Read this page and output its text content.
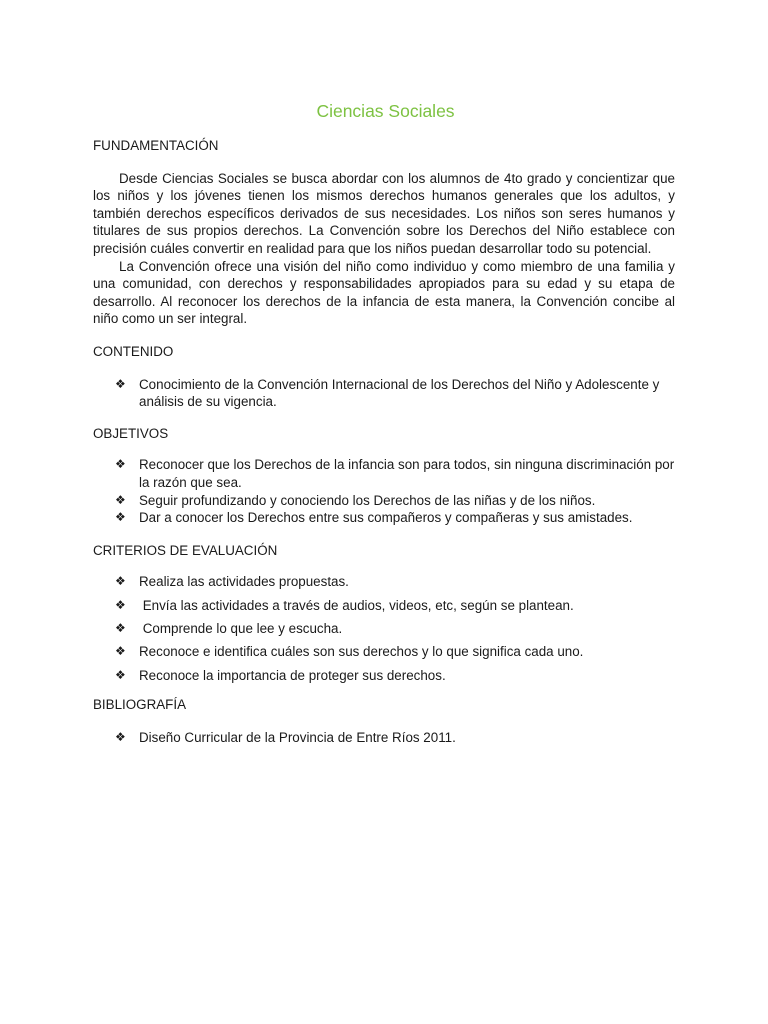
Ciencias Sociales
FUNDAMENTACIÓN

Desde Ciencias Sociales se busca abordar con los alumnos de 4to grado y concientizar que los niños y los jóvenes tienen los mismos derechos humanos generales que los adultos, y también derechos específicos derivados de sus necesidades. Los niños son seres humanos y titulares de sus propios derechos. La Convención sobre los Derechos del Niño establece con precisión cuáles convertir en realidad para que los niños puedan desarrollar todo su potencial.

La Convención ofrece una visión del niño como individuo y como miembro de una familia y una comunidad, con derechos y responsabilidades apropiados para su edad y su etapa de desarrollo. Al reconocer los derechos de la infancia de esta manera, la Convención concibe al niño como un ser integral.

CONTENIDO
❖ Conocimiento de la Convención Internacional de los Derechos del Niño y Adolescente y análisis de su vigencia.
OBJETIVOS
❖ Reconocer que los Derechos de la infancia son para todos, sin ninguna discriminación por la razón que sea.
❖ Seguir profundizando y conociendo los Derechos de las niñas y de los niños.
❖ Dar a conocer los Derechos entre sus compañeros y compañeras y sus amistades.
CRITERIOS DE EVALUACIÓN
❖ Realiza las actividades propuestas.
❖ Envía las actividades a través de audios, videos, etc, según se plantean.
❖ Comprende lo que lee y escucha.
❖ Reconoce e identifica cuáles son sus derechos y lo que significa cada uno.
❖ Reconoce la importancia de proteger sus derechos.
BIBLIOGRAFÍA
❖ Diseño Curricular de la Provincia de Entre Ríos 2011.
